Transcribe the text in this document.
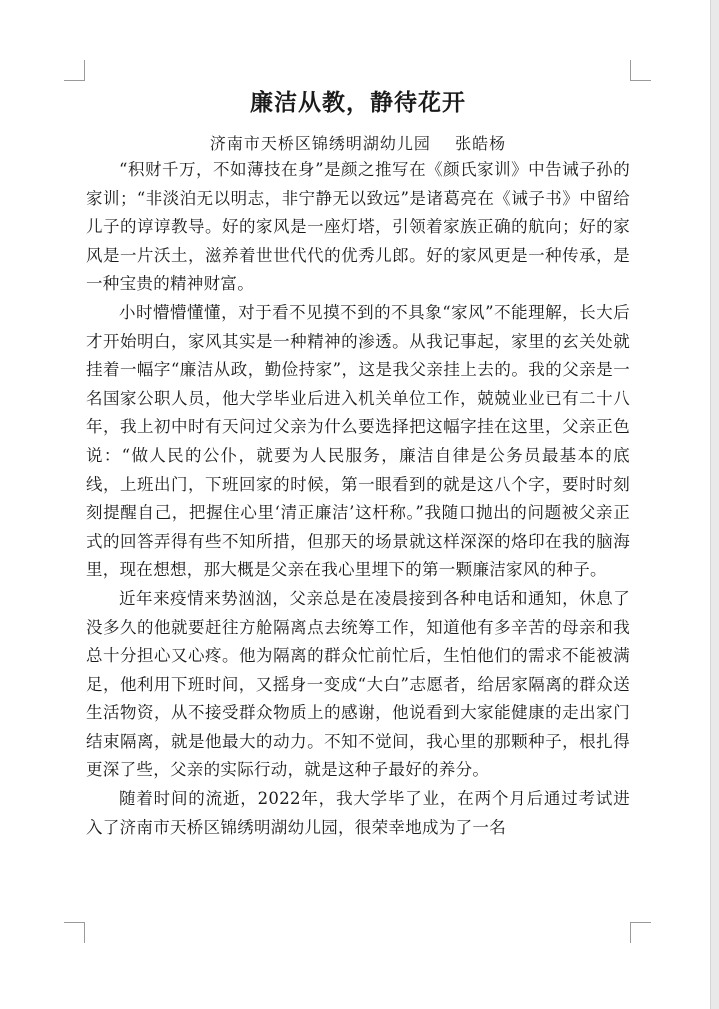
廉洁从教，静待花开

济南市天桥区锦绣明湖幼儿园    张皓杨

“积财千万，不如薄技在身”是颜之推写在《颜氏家训》中告诫子孙的家训；“非淡泊无以明志，非宁静无以致远”是诸葛亮在《诫子书》中留给儿子的谆谆教导。好的家风是一座灯塔，引领着家族正确的航向；好的家风是一片沃土，滋养着世世代代的优秀儿郎。好的家风更是一种传承，是一种宝贵的精神财富。

小时懵懵懂懂，对于看不见摸不到的不具象“家风”不能理解，长大后才开始明白，家风其实是一种精神的渗透。从我记事起，家里的玄关处就挂着一幅字“廉洁从政，勤俭持家”，这是我父亲挂上去的。我的父亲是一名国家公职人员，他大学毕业后进入机关单位工作，兢兢业业已有二十八年，我上初中时有天问过父亲为什么要选择把这幅字挂在这里，父亲正色说：“做人民的公仆，就要为人民服务，廉洁自律是公务员最基本的底线，上班出门，下班回家的时候，第一眼看到的就是这八个字，要时时刻刻提醒自己，把握住心里‘清正廉洁’这杆称。”我随口抛出的问题被父亲正式的回答弄得有些不知所措，但那天的场景就这样深深的烙印在我的脑海里，现在想想，那大概是父亲在我心里埋下的第一颗廉洁家风的种子。

近年来疫情来势汹汹，父亲总是在凌晨接到各种电话和通知，休息了没多久的他就要赶往方舱隔离点去统筹工作，知道他有多辛苦的母亲和我总十分担心又心疼。他为隔离的群众忙前忙后，生怕他们的需求不能被满足，他利用下班时间，又摇身一变成“大白”志愿者，给居家隔离的群众送生活物资，从不接受群众物质上的感谢，他说看到大家能健康的走出家门结束隔离，就是他最大的动力。不知不觉间，我心里的那颗种子，根扎得更深了些，父亲的实际行动，就是这种子最好的养分。

随着时间的流逝，2022年，我大学毕了业，在两个月后通过考试进入了济南市天桥区锦绣明湖幼儿园，很荣幸地成为了一名
